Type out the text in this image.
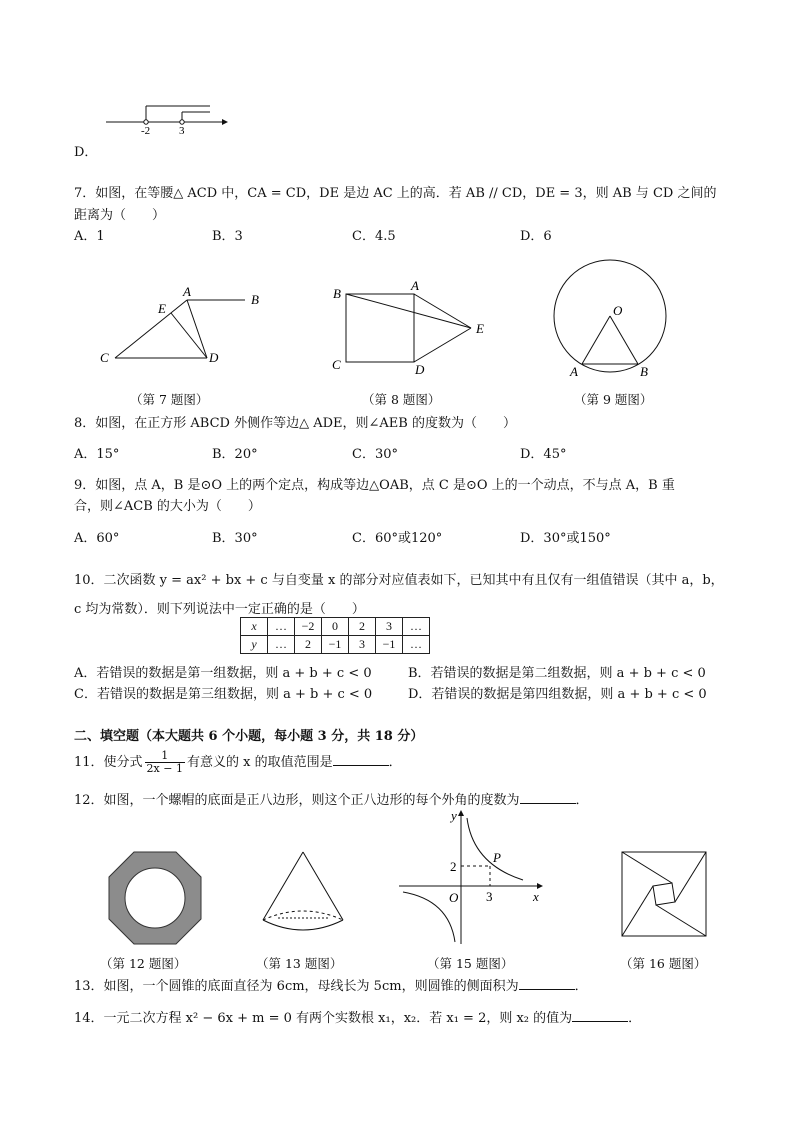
-2	3
D．
7．如图，在等腰△ ACD 中，CA = CD，DE 是边 AC 上的高．若 AB // CD，DE = 3，则 AB 与 CD 之间的
距离为（　　）
A．1	B．3	C．4.5	D．6
A
B
E
C	D
（第 7 题图）
B
A
E
C	D
（第 8 题图）
O
A	B
（第 9 题图）
8．如图，在正方形 ABCD 外侧作等边△ ADE，则∠AEB 的度数为（　　）
A．15°	B．20°	C．30°	D．45°
9．如图，点 A，B 是⊙O 上的两个定点，构成等边△OAB，点 C 是⊙O 上的一个动点，不与点 A，B 重
合，则∠ACB 的大小为（　　）
A．60°	B．30°	C．60°或120°	D．30°或150°
10．二次函数 y = ax² + bx + c 与自变量 x 的部分对应值表如下，已知其中有且仅有一组值错误（其中 a，b，
c 均为常数）．则下列说法中一定正确的是（　　）
x	…	−2	0	2	3	…
y	…	2	−1	3	−1	…
A．若错误的数据是第一组数据，则 a + b + c < 0	B．若错误的数据是第二组数据，则 a + b + c < 0
C．若错误的数据是第三组数据，则 a + b + c < 0	D．若错误的数据是第四组数据，则 a + b + c < 0
二、填空题（本大题共 6 个小题，每小题 3 分，共 18 分）
11．使分式 $\frac{1}{2x - 1}$ 有意义的 x 的取值范围是	．
12．如图，一个螺帽的底面是正八边形，则这个正八边形的每个外角的度数为	．
（第 12 题图）	（第 13 题图）
y
x
O
P
2
3
（第 15 题图）	（第 16 题图）
13．如图，一个圆锥的底面直径为 6cm，母线长为 5cm，则圆锥的侧面积为	．
14．一元二次方程 x² − 6x + m = 0 有两个实数根 x₁，x₂．若 x₁ = 2，则 x₂ 的值为	．
